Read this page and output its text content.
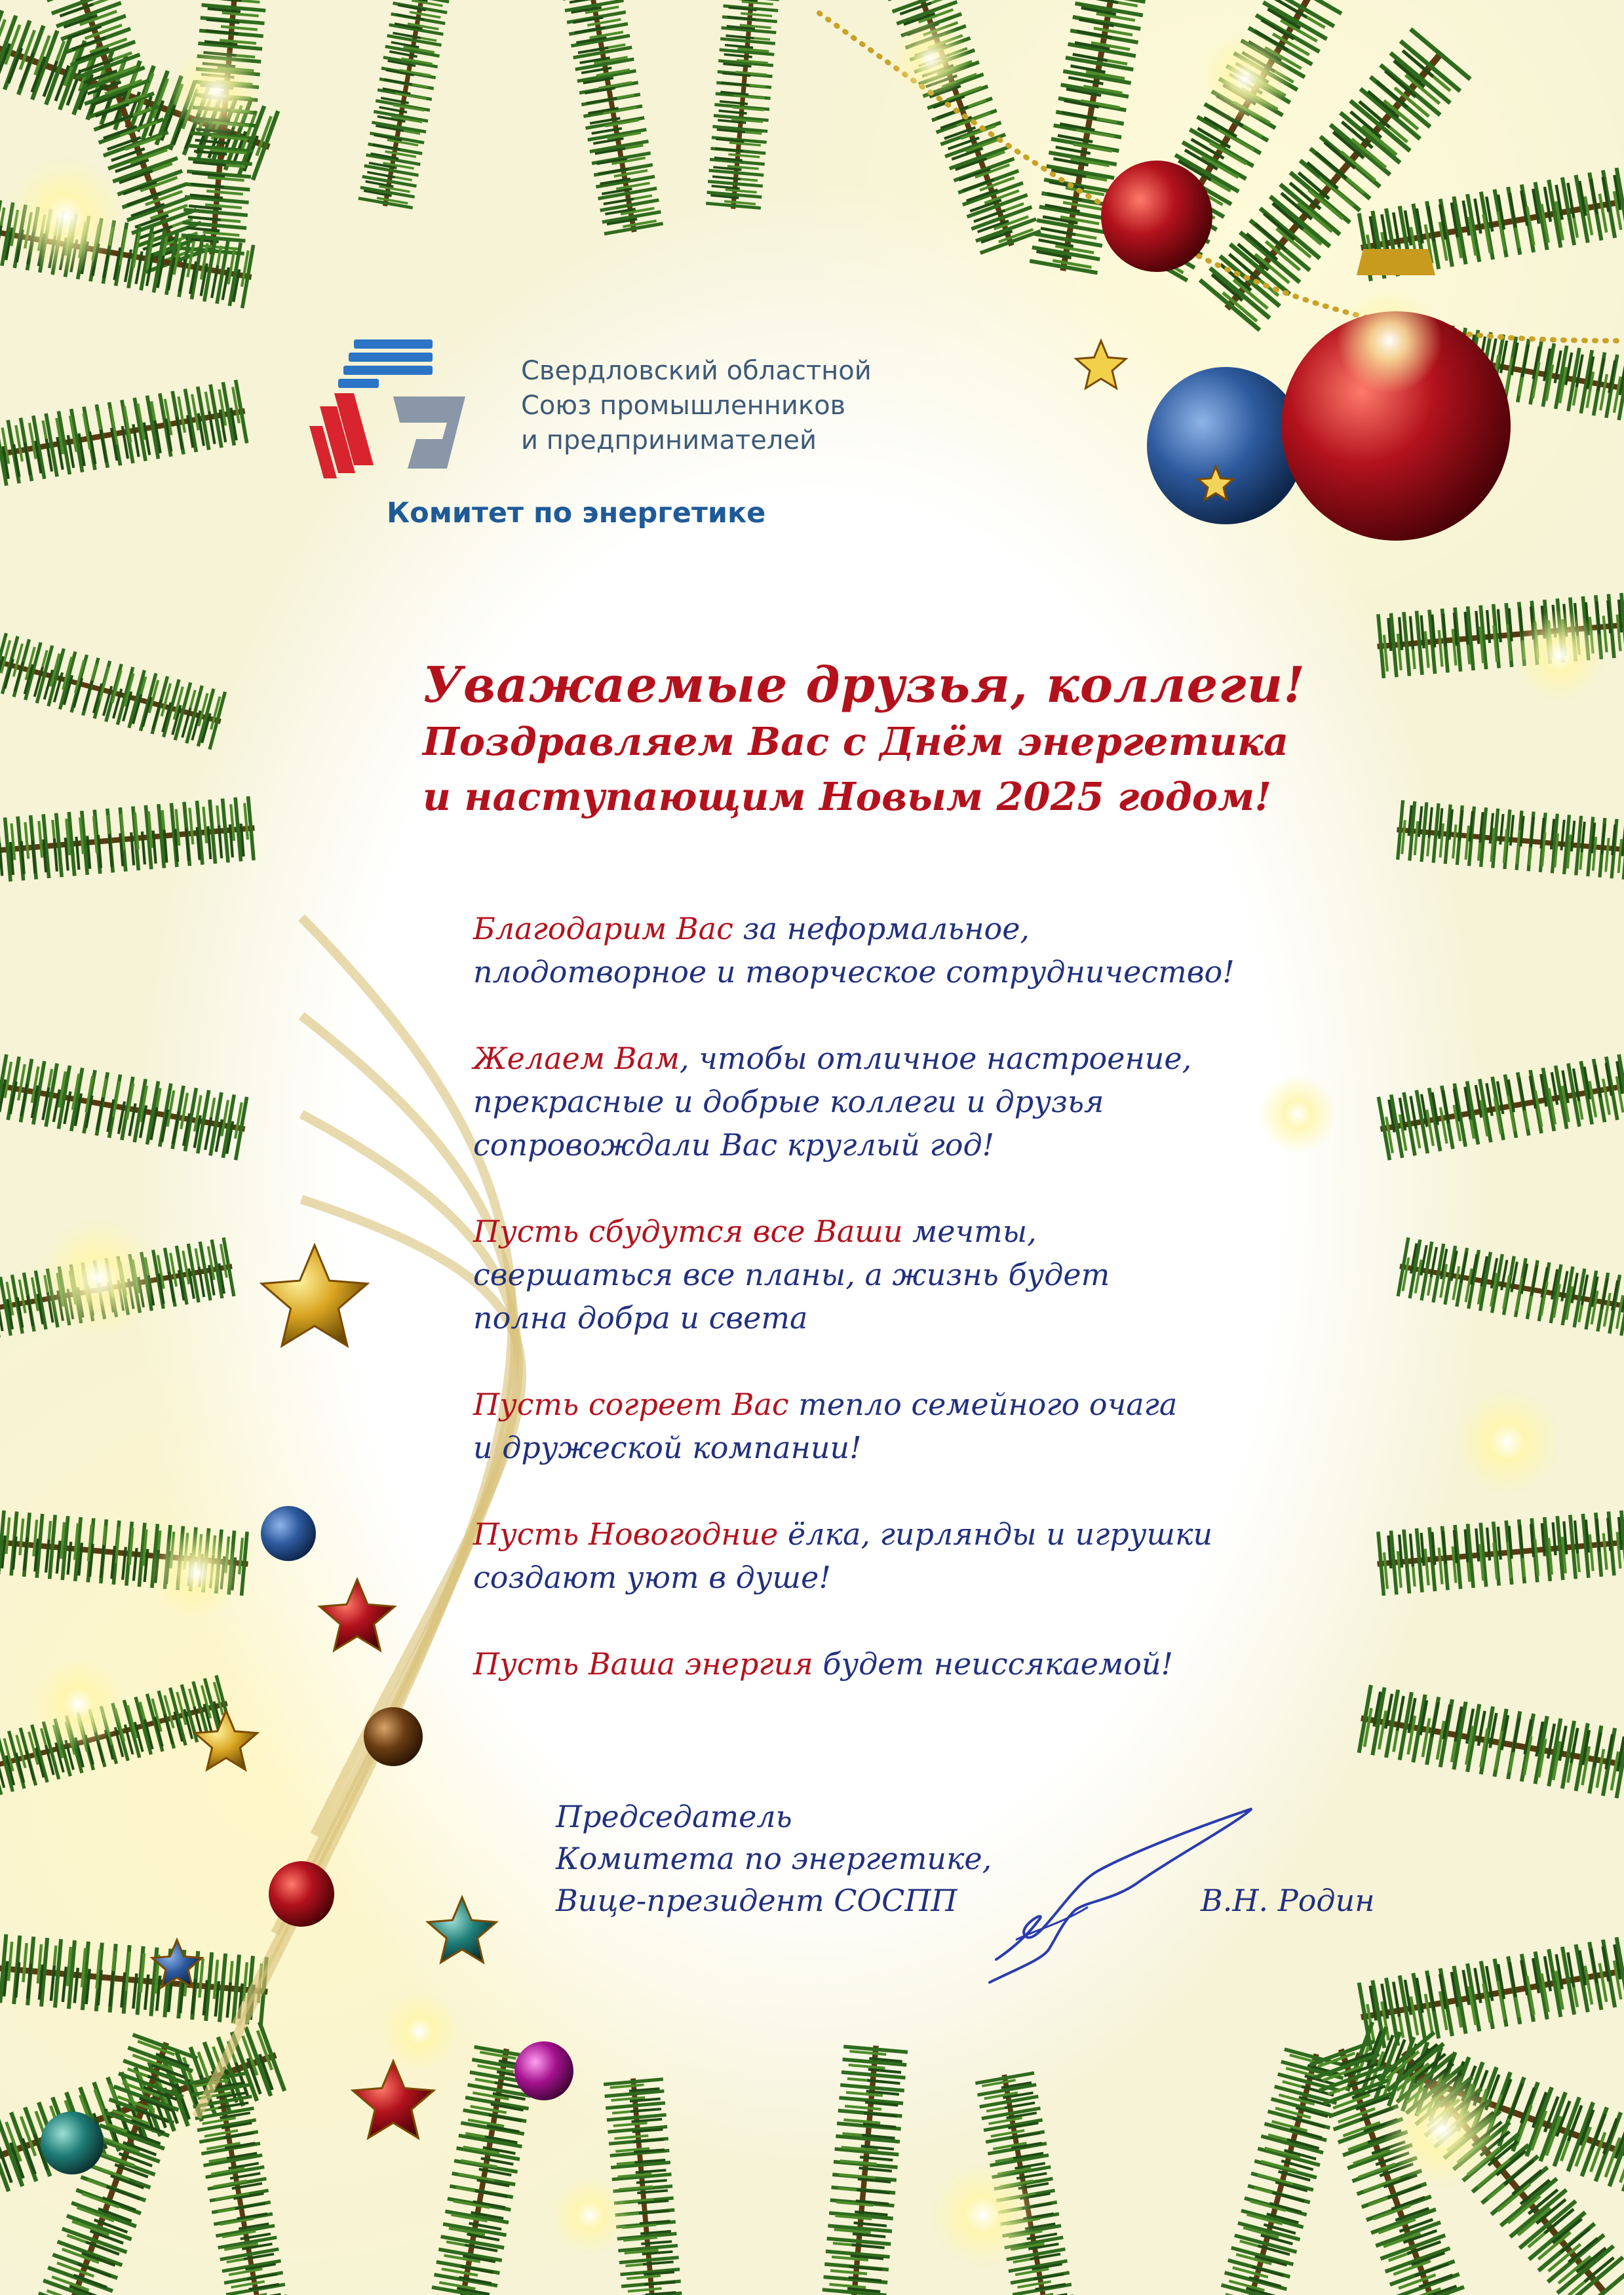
Свердловский областной
Союз промышленников
и предпринимателей
Комитет по энергетике
Уважаемые друзья, коллеги!
Поздравляем Вас с Днём энергетика
и наступающим Новым 2025 годом!
Благодарим Вас за неформальное,
плодотворное и творческое сотрудничество!
Желаем Вам, чтобы отличное настроение,
прекрасные и добрые коллеги и друзья
сопровождали Вас круглый год!
Пусть сбудутся все Ваши мечты,
свершаться все планы, а жизнь будет
полна добра и света
Пусть согреет Вас тепло семейного очага
и дружеской компании!
Пусть Новогодние ёлка, гирлянды и игрушки
создают уют в душе!
Пусть Ваша энергия будет неиссякаемой!
Председатель
Комитета по энергетике,
Вице-президент СОСПП	В.Н. Родин
